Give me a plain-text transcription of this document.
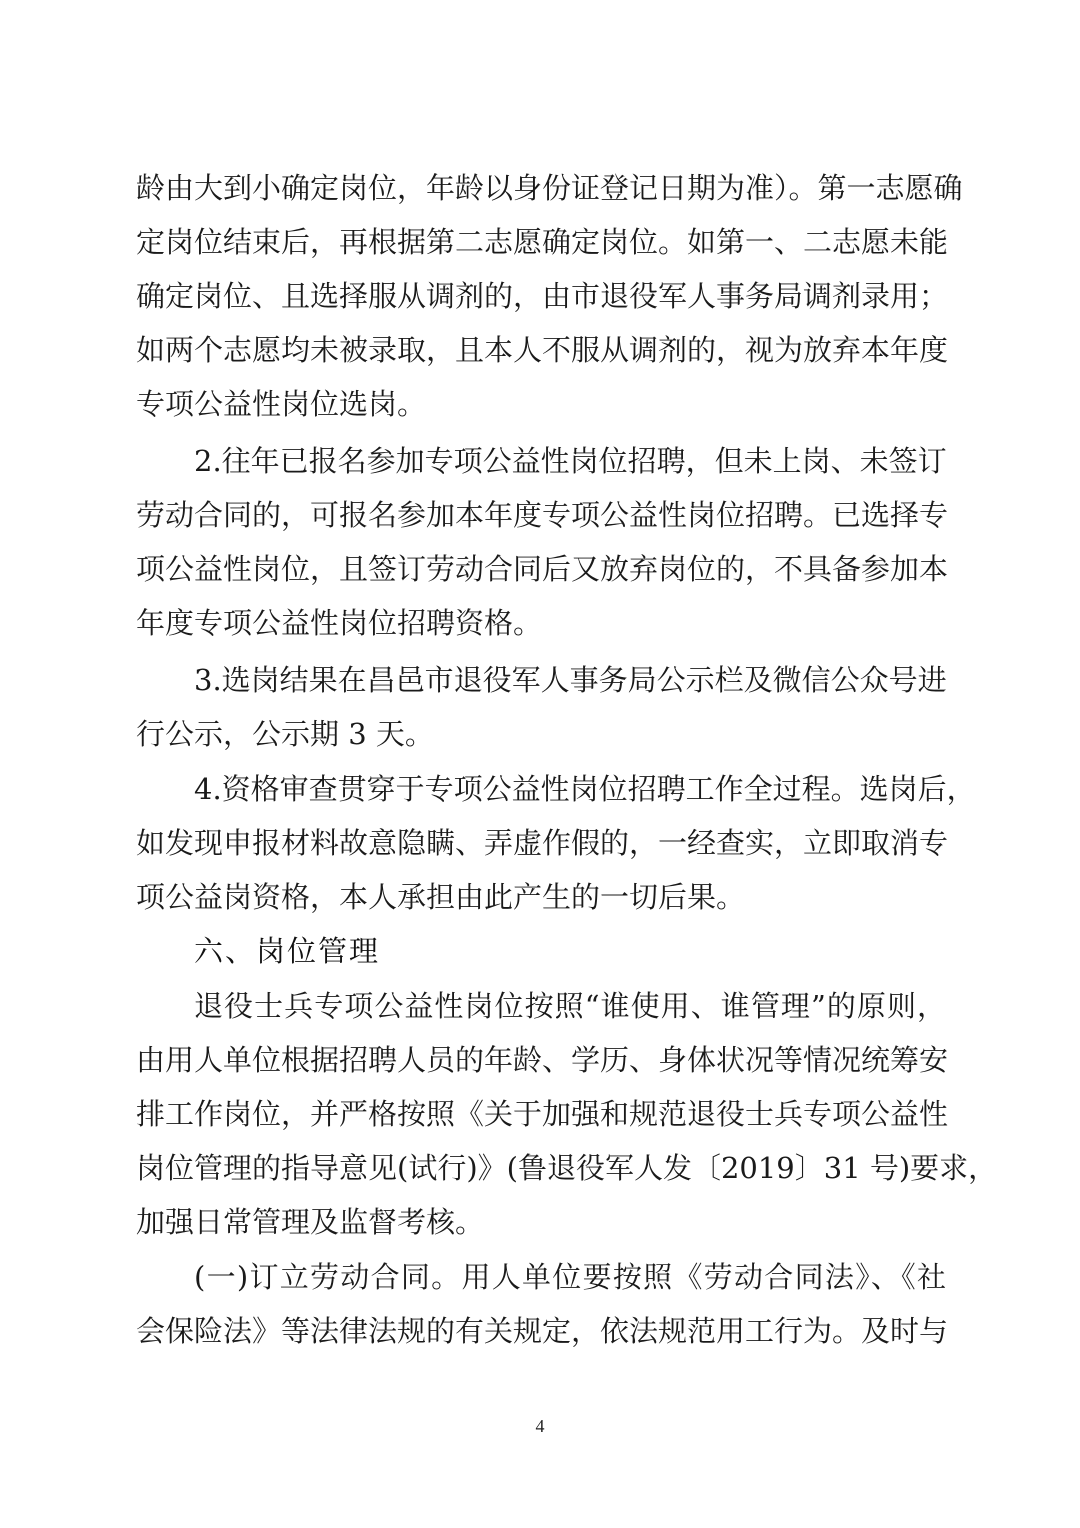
龄由大到小确定岗位，年龄以身份证登记日期为准）。第一志愿确
定岗位结束后，再根据第二志愿确定岗位。如第一、二志愿未能
确定岗位、且选择服从调剂的，由市退役军人事务局调剂录用；
如两个志愿均未被录取，且本人不服从调剂的，视为放弃本年度
专项公益性岗位选岗。
2.往年已报名参加专项公益性岗位招聘，但未上岗、未签订
劳动合同的，可报名参加本年度专项公益性岗位招聘。已选择专
项公益性岗位，且签订劳动合同后又放弃岗位的，不具备参加本
年度专项公益性岗位招聘资格。
3.选岗结果在昌邑市退役军人事务局公示栏及微信公众号进
行公示，公示期 3 天。
4.资格审查贯穿于专项公益性岗位招聘工作全过程。选岗后，
如发现申报材料故意隐瞒、弄虚作假的，一经查实，立即取消专
项公益岗资格，本人承担由此产生的一切后果。
六、岗位管理
退役士兵专项公益性岗位按照“谁使用、谁管理”的原则，
由用人单位根据招聘人员的年龄、学历、身体状况等情况统筹安
排工作岗位，并严格按照《关于加强和规范退役士兵专项公益性
岗位管理的指导意见(试行)》(鲁退役军人发〔2019〕31 号)要求，
加强日常管理及监督考核。
(一)订立劳动合同。用人单位要按照《劳动合同法》、《社
会保险法》等法律法规的有关规定，依法规范用工行为。及时与
4
